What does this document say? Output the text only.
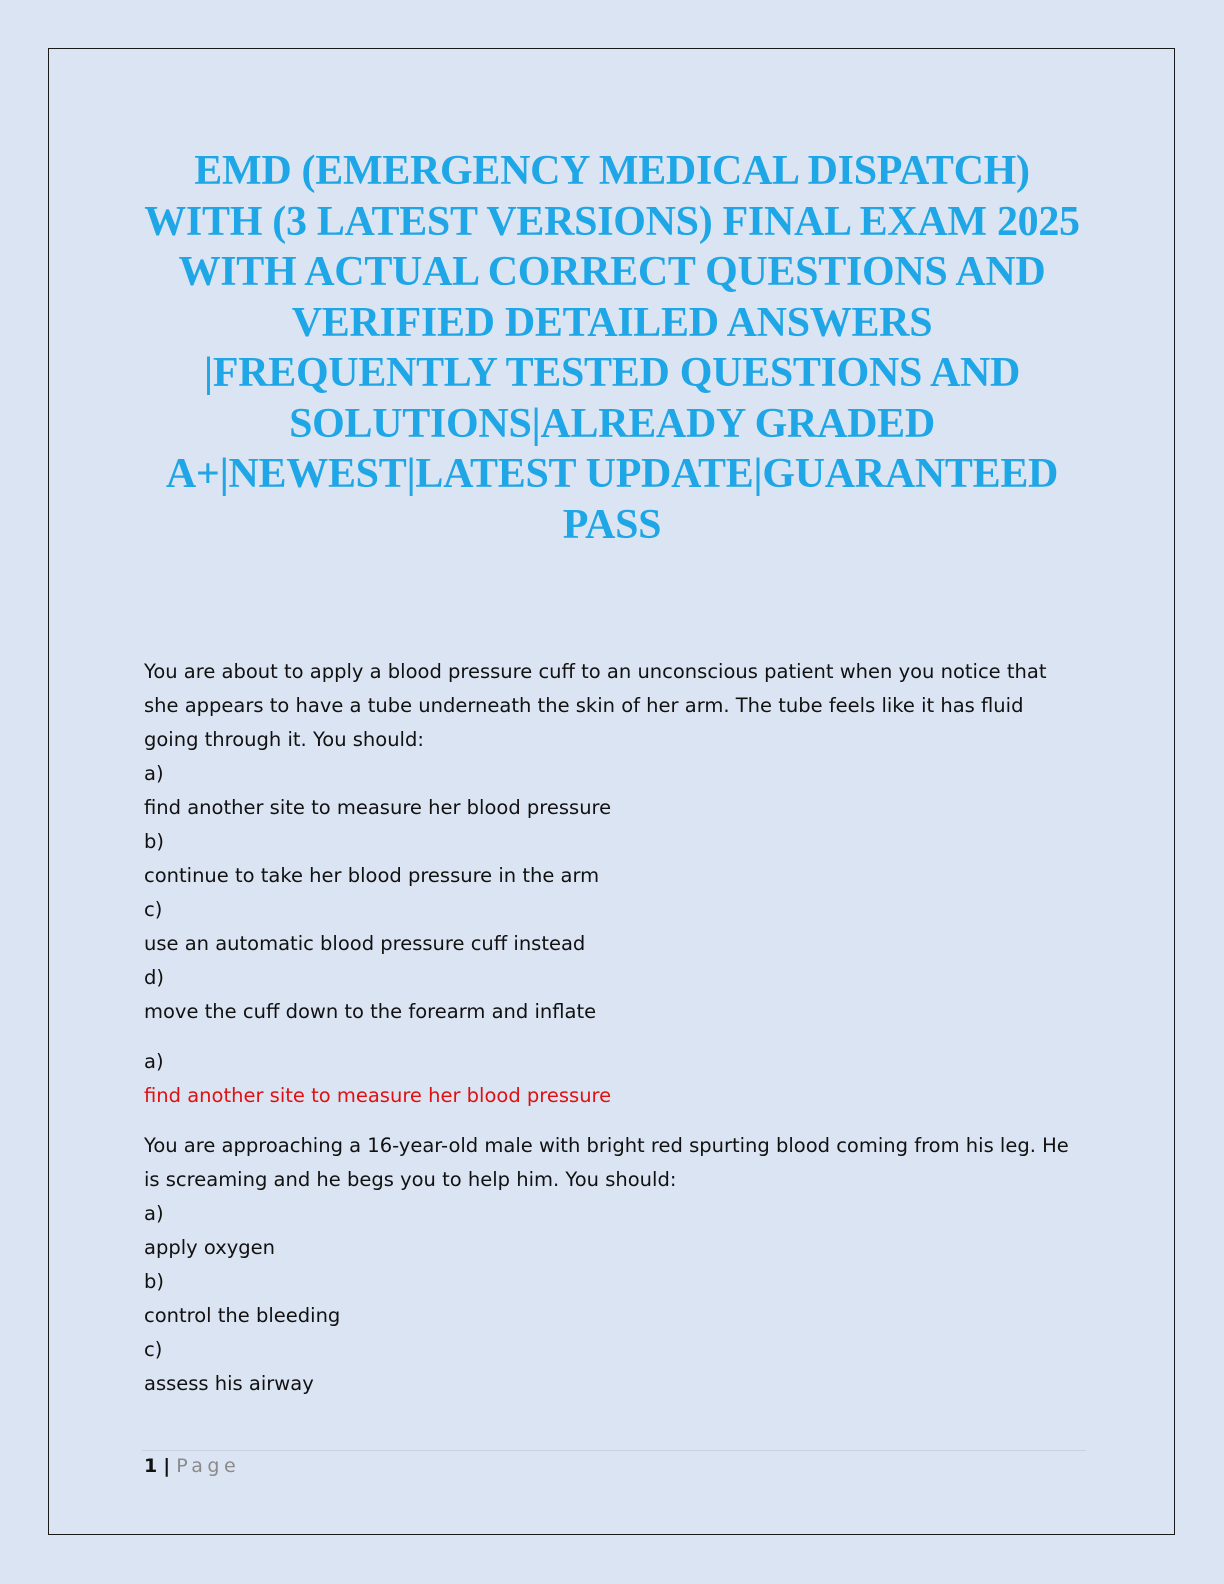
EMD (EMERGENCY MEDICAL DISPATCH) WITH (3 LATEST VERSIONS) FINAL EXAM 2025 WITH ACTUAL CORRECT QUESTIONS AND VERIFIED DETAILED ANSWERS |FREQUENTLY TESTED QUESTIONS AND SOLUTIONS|ALREADY GRADED A+|NEWEST|LATEST UPDATE|GUARANTEED PASS

You are about to apply a blood pressure cuff to an unconscious patient when you notice that she appears to have a tube underneath the skin of her arm. The tube feels like it has fluid going through it. You should:

a)

find another site to measure her blood pressure

b)

continue to take her blood pressure in the arm

c)

use an automatic blood pressure cuff instead

d)

move the cuff down to the forearm and inflate

a)

find another site to measure her blood pressure

You are approaching a 16-year-old male with bright red spurting blood coming from his leg. He is screaming and he begs you to help him. You should:

a)

apply oxygen

b)

control the bleeding

c)

assess his airway

1 | Page
